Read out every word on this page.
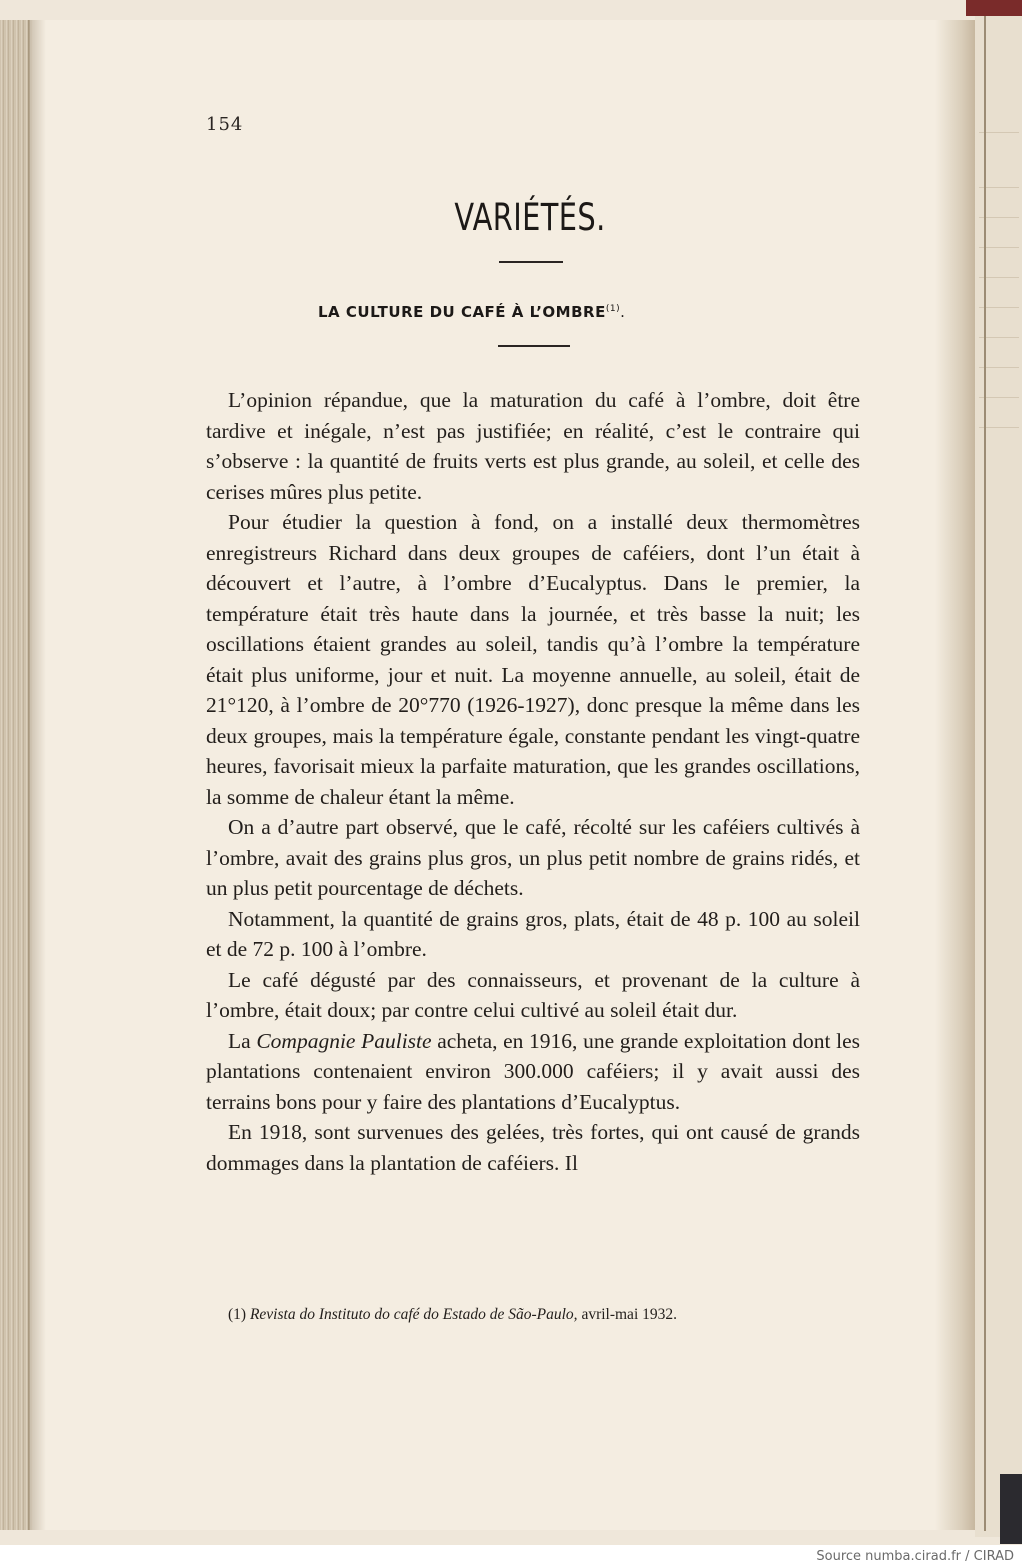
154
VARIÉTÉS.
LA CULTURE DU CAFÉ À L’OMBRE$^{(1)}$.

L’opinion répandue, que la maturation du café à l’ombre, doit être tardive et inégale, n’est pas justifiée; en réalité, c’est le contraire qui s’observe : la quantité de fruits verts est plus grande, au soleil, et celle des cerises mûres plus petite.

Pour étudier la question à fond, on a installé deux thermomètres enregistreurs Richard dans deux groupes de caféiers, dont l’un était à découvert et l’autre, à l’ombre d’Eucalyptus. Dans le premier, la température était très haute dans la journée, et très basse la nuit; les oscillations étaient grandes au soleil, tandis qu’à l’ombre la température était plus uniforme, jour et nuit. La moyenne annuelle, au soleil, était de 21°120, à l’ombre de 20°770 (1926-1927), donc presque la même dans les deux groupes, mais la température égale, constante pendant les vingt-quatre heures, favorisait mieux la parfaite maturation, que les grandes oscillations, la somme de chaleur étant la même.

On a d’autre part observé, que le café, récolté sur les caféiers cultivés à l’ombre, avait des grains plus gros, un plus petit nombre de grains ridés, et un plus petit pourcentage de déchets.

Notamment, la quantité de grains gros, plats, était de 48 p. 100 au soleil et de 72 p. 100 à l’ombre.

Le café dégusté par des connaisseurs, et provenant de la culture à l’ombre, était doux; par contre celui cultivé au soleil était dur.

La Compagnie Pauliste acheta, en 1916, une grande exploitation dont les plantations contenaient environ 300.000 caféiers; il y avait aussi des terrains bons pour y faire des plantations d’Eucalyptus.

En 1918, sont survenues des gelées, très fortes, qui ont causé de grands dommages dans la plantation de caféiers. Il

(1) Revista do Instituto do café do Estado de São-Paulo, avril-mai 1932.
Source numba.cirad.fr / CIRAD
